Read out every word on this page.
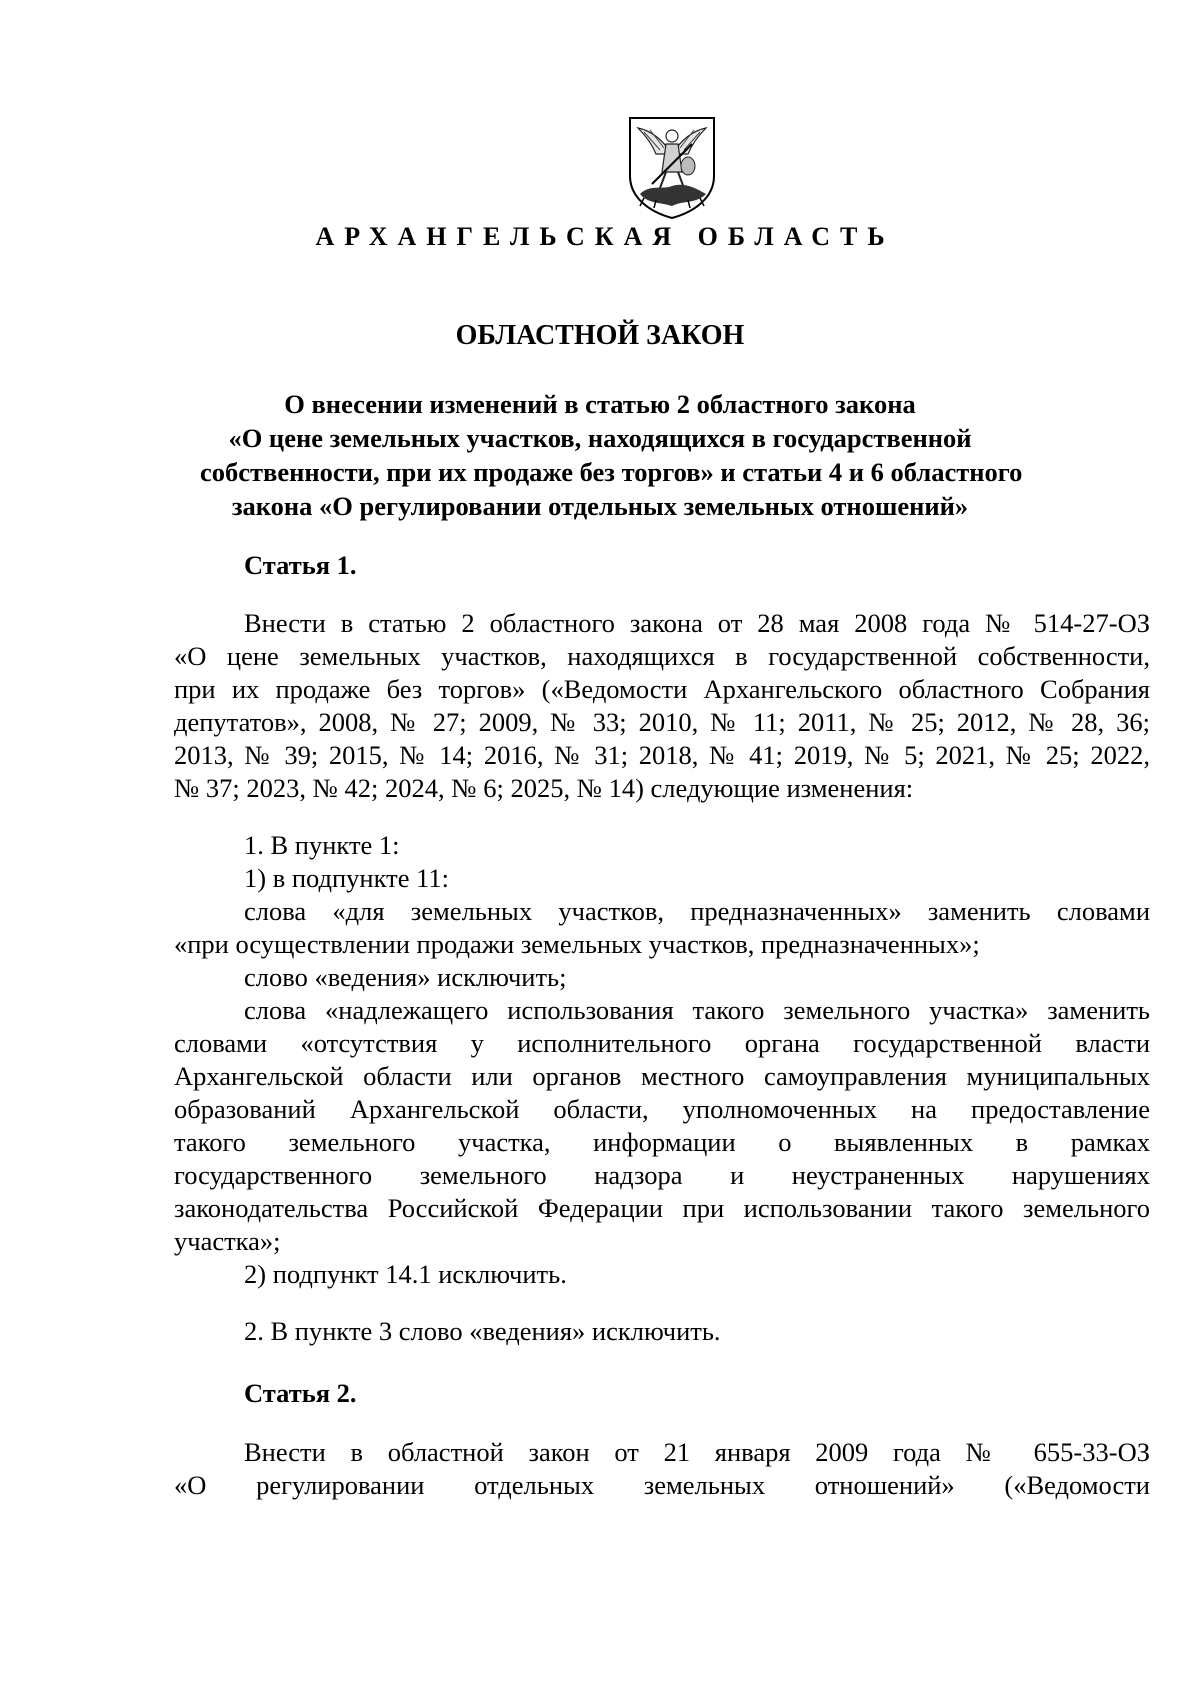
АРХАНГЕЛЬСКАЯ ОБЛАСТЬ
ОБЛАСТНОЙ ЗАКОН
О внесении изменений в статью 2 областного закона
«О цене земельных участков, находящихся в государственной
собственности, при их продаже без торгов» и статьи 4 и 6 областного
закона «О регулировании отдельных земельных отношений»
Статья 1.
Внести в статью 2 областного закона от 28 мая 2008 года № 514-27-ОЗ
«О цене земельных участков, находящихся в государственной собственности,
при их продаже без торгов» («Ведомости Архангельского областного Собрания
депутатов», 2008, № 27; 2009, № 33; 2010, № 11; 2011, № 25; 2012, № 28, 36;
2013, № 39; 2015, № 14; 2016, № 31; 2018, № 41; 2019, № 5; 2021, № 25; 2022,
№ 37; 2023, № 42; 2024, № 6; 2025, № 14) следующие изменения:
1. В пункте 1:
1) в подпункте 11:
слова «для земельных участков, предназначенных» заменить словами
«при осуществлении продажи земельных участков, предназначенных»;
слово «ведения» исключить;
слова «надлежащего использования такого земельного участка» заменить
словами «отсутствия у исполнительного органа государственной власти
Архангельской области или органов местного самоуправления муниципальных
образований Архангельской области, уполномоченных на предоставление
такого земельного участка, информации о выявленных в рамках
государственного земельного надзора и неустраненных нарушениях
законодательства Российской Федерации при использовании такого земельного
участка»;
2) подпункт 14.1 исключить.
2. В пункте 3 слово «ведения» исключить.
Статья 2.
Внести в областной закон от 21 января 2009 года № 655-33-ОЗ
«О регулировании отдельных земельных отношений» («Ведомости
